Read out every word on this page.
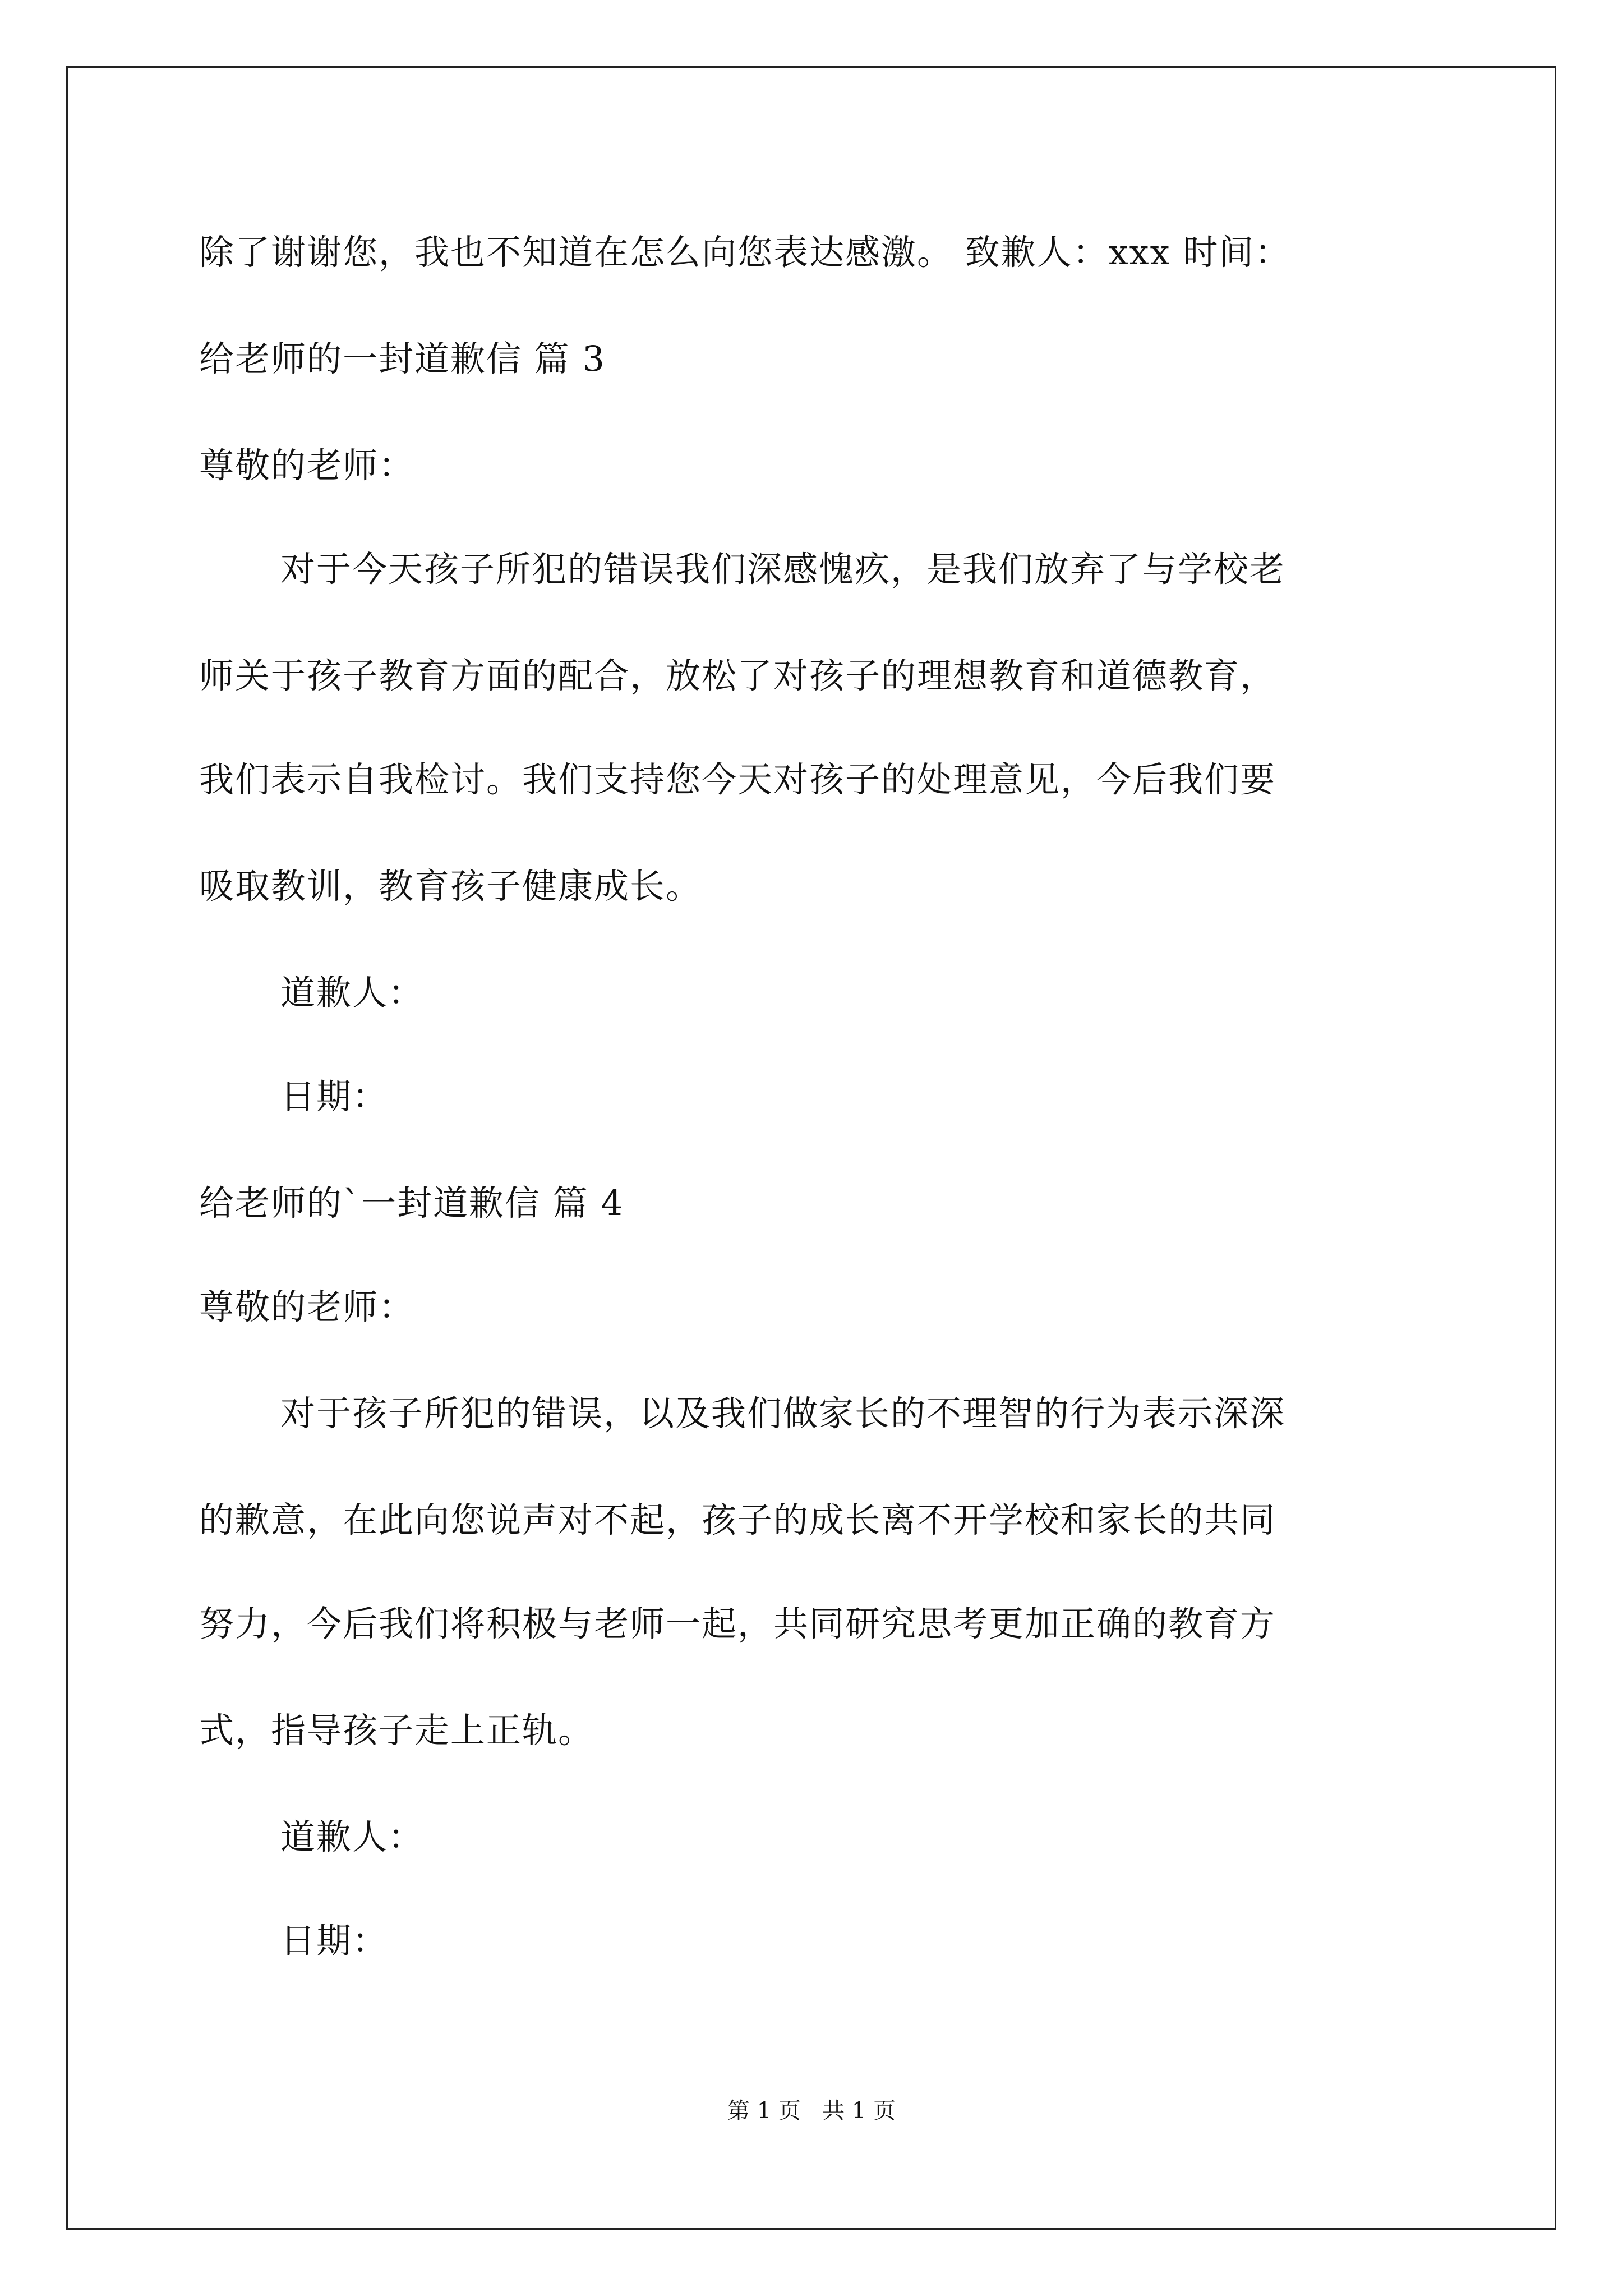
除了谢谢您，我也不知道在怎么向您表达感激。 致歉人：xxx 时间：

给老师的一封道歉信 篇 3

尊敬的老师：

对于今天孩子所犯的错误我们深感愧疚，是我们放弃了与学校老

师关于孩子教育方面的配合，放松了对孩子的理想教育和道德教育，

我们表示自我检讨。我们支持您今天对孩子的处理意见，今后我们要

吸取教训，教育孩子健康成长。

道歉人：

日期：

给老师的`一封道歉信 篇 4

尊敬的老师：

对于孩子所犯的错误，以及我们做家长的不理智的行为表示深深

的歉意，在此向您说声对不起，孩子的成长离不开学校和家长的共同

努力，今后我们将积极与老师一起，共同研究思考更加正确的教育方

式，指导孩子走上正轨。

道歉人：

日期：

第 1 页   共 1 页
